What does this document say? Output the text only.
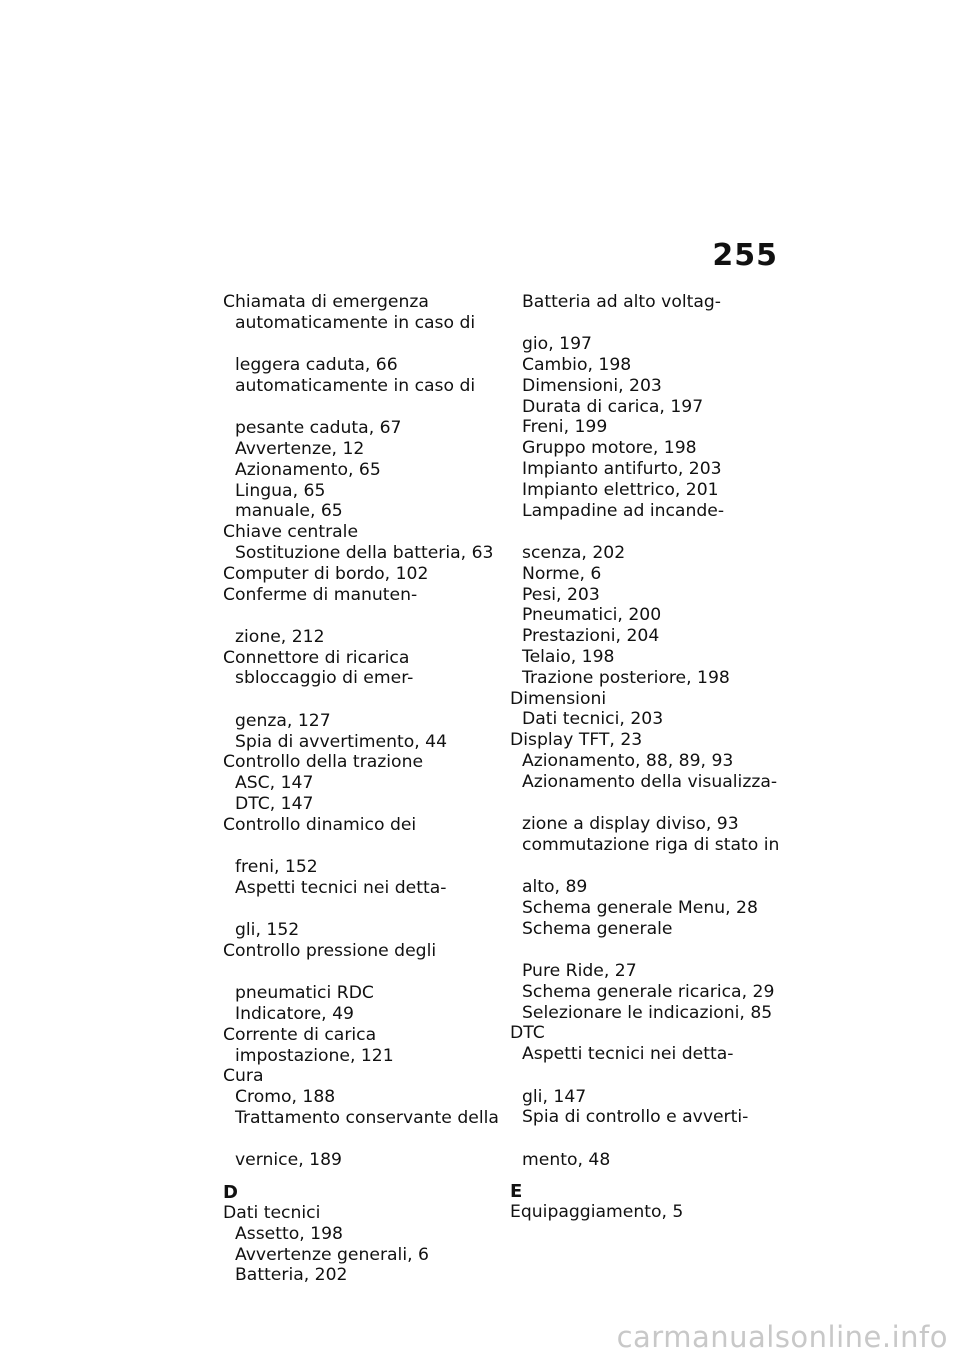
255
Chiamata di emergenza
automaticamente in caso di
leggera caduta, 66
automaticamente in caso di
pesante caduta, 67
Avvertenze, 12
Azionamento, 65
Lingua, 65
manuale, 65
Chiave centrale
Sostituzione della batteria, 63
Computer di bordo, 102
Conferme di manuten-
zione, 212
Connettore di ricarica
sbloccaggio di emer-
genza, 127
Spia di avvertimento, 44
Controllo della trazione
ASC, 147
DTC, 147
Controllo dinamico dei
freni, 152
Aspetti tecnici nei detta-
gli, 152
Controllo pressione degli
pneumatici RDC
Indicatore, 49
Corrente di carica
impostazione, 121
Cura
Cromo, 188
Trattamento conservante della
vernice, 189
D
Dati tecnici
Assetto, 198
Avvertenze generali, 6
Batteria, 202
Batteria ad alto voltag-
gio, 197
Cambio, 198
Dimensioni, 203
Durata di carica, 197
Freni, 199
Gruppo motore, 198
Impianto antifurto, 203
Impianto elettrico, 201
Lampadine ad incande-
scenza, 202
Norme, 6
Pesi, 203
Pneumatici, 200
Prestazioni, 204
Telaio, 198
Trazione posteriore, 198
Dimensioni
Dati tecnici, 203
Display TFT, 23
Azionamento, 88, 89, 93
Azionamento della visualizza-
zione a display diviso, 93
commutazione riga di stato in
alto, 89
Schema generale Menu, 28
Schema generale
Pure Ride, 27
Schema generale ricarica, 29
Selezionare le indicazioni, 85
DTC
Aspetti tecnici nei detta-
gli, 147
Spia di controllo e avverti-
mento, 48
E
Equipaggiamento, 5
carmanualsonline.info
